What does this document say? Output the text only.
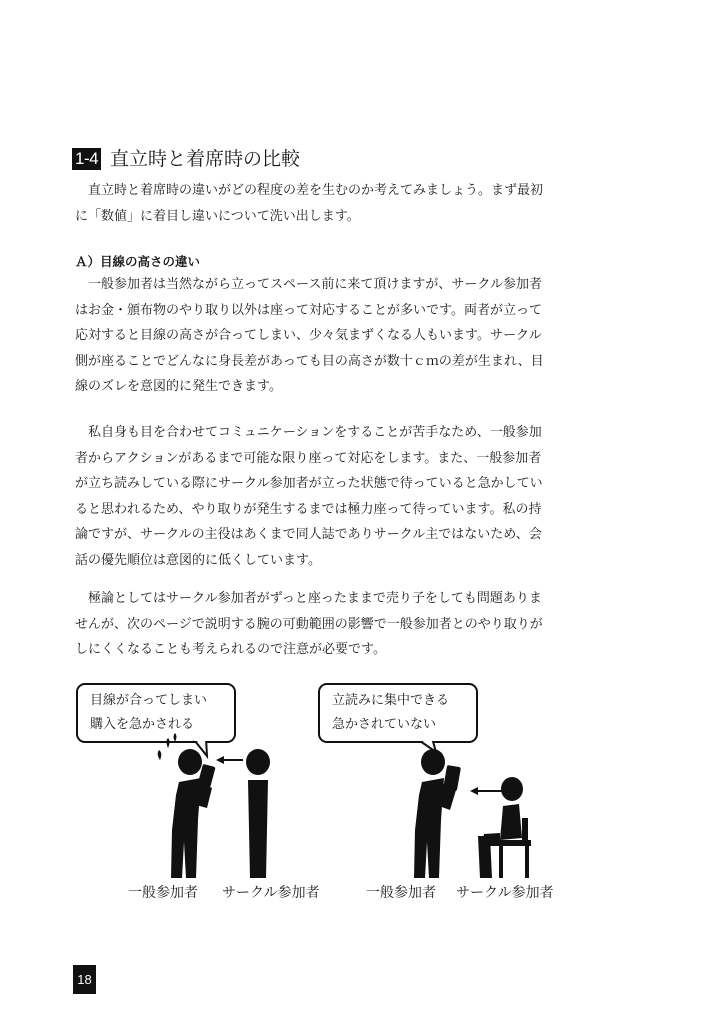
1-4 直立時と着席時の比較
　直立時と着席時の違いがどの程度の差を生むのか考えてみましょう。まず最初
に「数値」に着目し違いについて洗い出します。
Ａ）目線の高さの違い
　一般参加者は当然ながら立ってスペース前に来て頂けますが、サークル参加者
はお金・頒布物のやり取り以外は座って対応することが多いです。両者が立って
応対すると目線の高さが合ってしまい、少々気まずくなる人もいます。サークル
側が座ることでどんなに身長差があっても目の高さが数十ｃｍの差が生まれ、目
線のズレを意図的に発生できます。
　私自身も目を合わせてコミュニケーションをすることが苦手なため、一般参加
者からアクションがあるまで可能な限り座って対応をします。また、一般参加者
が立ち読みしている際にサークル参加者が立った状態で待っていると急かしてい
ると思われるため、やり取りが発生するまでは極力座って待っています。私の持
論ですが、サークルの主役はあくまで同人誌でありサークル主ではないため、会
話の優先順位は意図的に低くしています。
　極論としてはサークル参加者がずっと座ったままで売り子をしても問題ありま
せんが、次のページで説明する腕の可動範囲の影響で一般参加者とのやり取りが
しにくくなることも考えられるので注意が必要です。
目線が合ってしまい
購入を急かされる
立読みに集中できる
急かされていない
一般参加者 サークル参加者	一般参加者 サークル参加者
18
